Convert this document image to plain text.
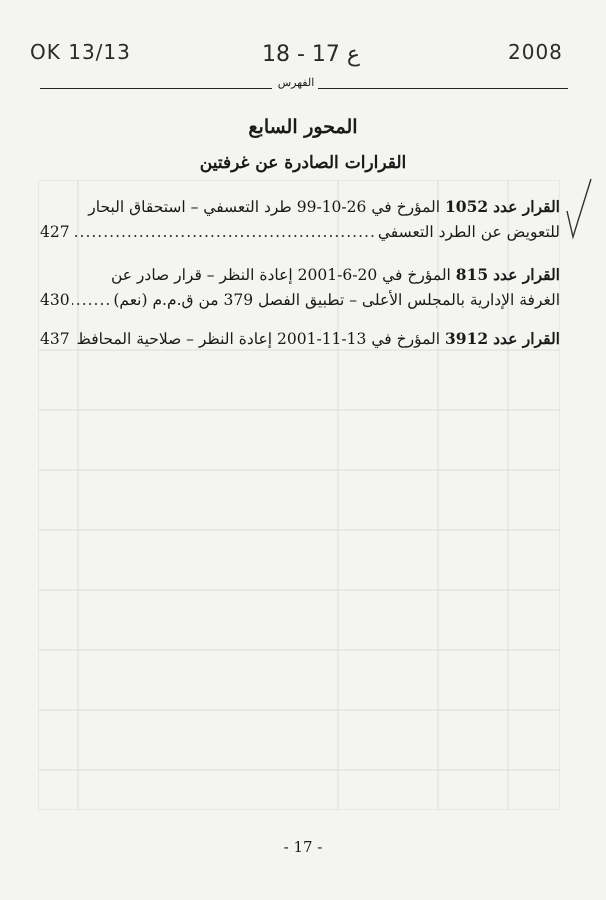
OK 13/13	18 - 17 ع	2008
الفهرس
المحور السابع
القرارات الصادرة عن غرفتين
القرار عدد 1052 المؤرخ في 26-10-99 طرد التعسفي – استحقاق البحار
للتعويض عن الطرد التعسفي
.....
427
القرار عدد 815 المؤرخ في 20-6-2001 إعادة النظر – قرار صادر عن
الغرفة الإدارية بالمجلس الأعلى – تطبيق الفصل 379 من ق.م.م (نعم)
.....
430
القرار عدد 3912 المؤرخ في 13-11-2001 إعادة النظر – صلاحية المحافظ
.....
437
- 17 -
